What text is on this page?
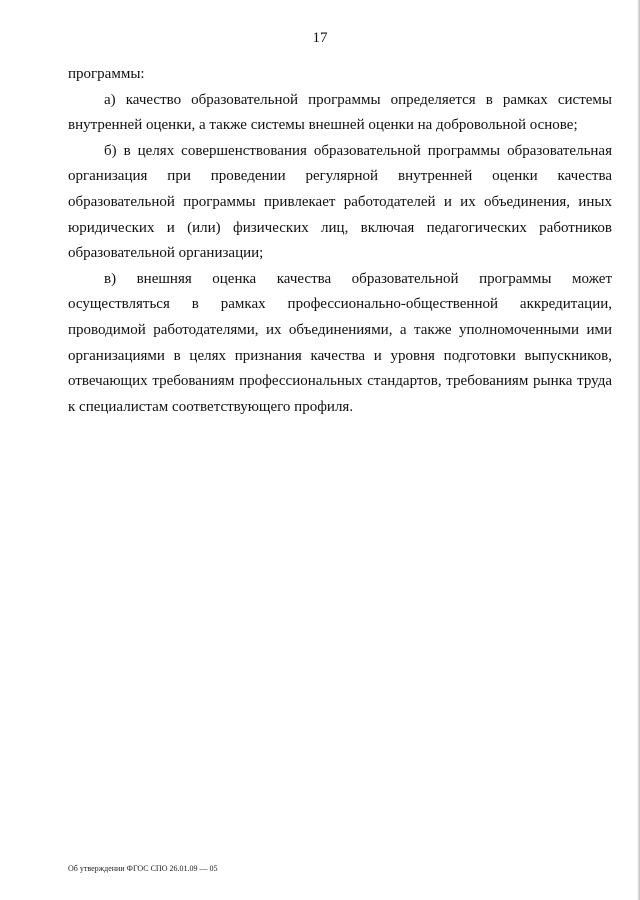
17

программы:

а) качество образовательной программы определяется в рамках системы внутренней оценки, а также системы внешней оценки на добровольной основе;

б) в целях совершенствования образовательной программы образовательная организация при проведении регулярной внутренней оценки качества образовательной программы привлекает работодателей и их объединения, иных юридических и (или) физических лиц, включая педагогических работников образовательной организации;

в) внешняя оценка качества образовательной программы может осуществляться в рамках профессионально-общественной аккредитации, проводимой работодателями, их объединениями, а также уполномоченными ими организациями в целях признания качества и уровня подготовки выпускников, отвечающих требованиям профессиональных стандартов, требованиям рынка труда к специалистам соответствующего профиля.

Об утверждении ФГОС СПО 26.01.09 — 05
